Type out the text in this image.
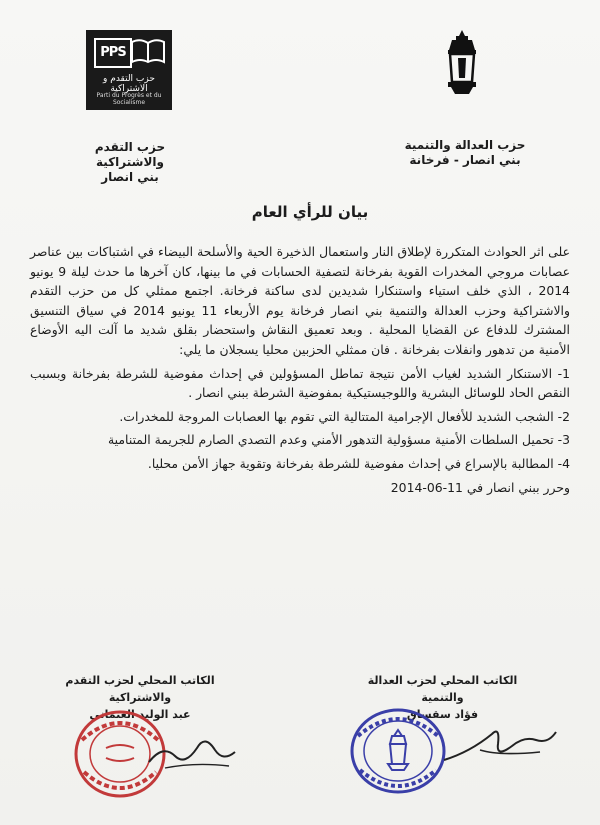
PPS
حزب التقدم و الاشتراكية
Parti du Progrès et du Socialisme
حزب العدالة والتنمية
بني انصار - فرخانة
حزب التقدم والاشتراكية
بني انصار
بيان للرأي العام

على اثر الحوادث المتكررة لإطلاق النار واستعمال الذخيرة الحية والأسلحة البيضاء في اشتباكات بين عناصر عصابات مروجي المخدرات القوية بفرخانة لتصفية الحسابات في ما بينها، كان آخرها ما حدث ليلة 9 يونيو 2014 ، الذي خلف استياء واستنكارا شديدين لدى ساكنة فرخانة. اجتمع ممثلي كل من حزب التقدم والاشتراكية وحزب العدالة والتنمية بني انصار فرخانة يوم الأربعاء 11 يونيو 2014 في سياق التنسيق المشترك للدفاع عن القضايا المحلية . وبعد تعميق النقاش واستحضار بقلق شديد ما آلت اليه الأوضاع الأمنية من تدهور وانفلات بفرخانة . فان ممثلي الحزبين محليا يسجلان ما يلي:

1- الاستنكار الشديد لغياب الأمن نتيجة تماطل المسؤولين في إحداث مفوضية للشرطة بفرخانة وبسبب النقص الحاد للوسائل البشرية واللوجيستيكية بمفوضية الشرطة ببني انصار .

2- الشجب الشديد للأفعال الإجرامية المتتالية التي تقوم بها العصابات المروجة للمخدرات.

3- تحميل السلطات الأمنية مسؤولية التدهور الأمني وعدم التصدي الصارم للجريمة المتنامية

4- المطالبة بالإسراع في إحداث مفوضية للشرطة بفرخانة وتقوية جهاز الأمن محليا.

وحرر ببني انصار في 11-06-2014

الكاتب المحلي لحزب العدالة والتنمية
فؤاد سقساق
الكاتب المحلي لحزب التقدم والاشتراكية
عبد الوليد العثماني
